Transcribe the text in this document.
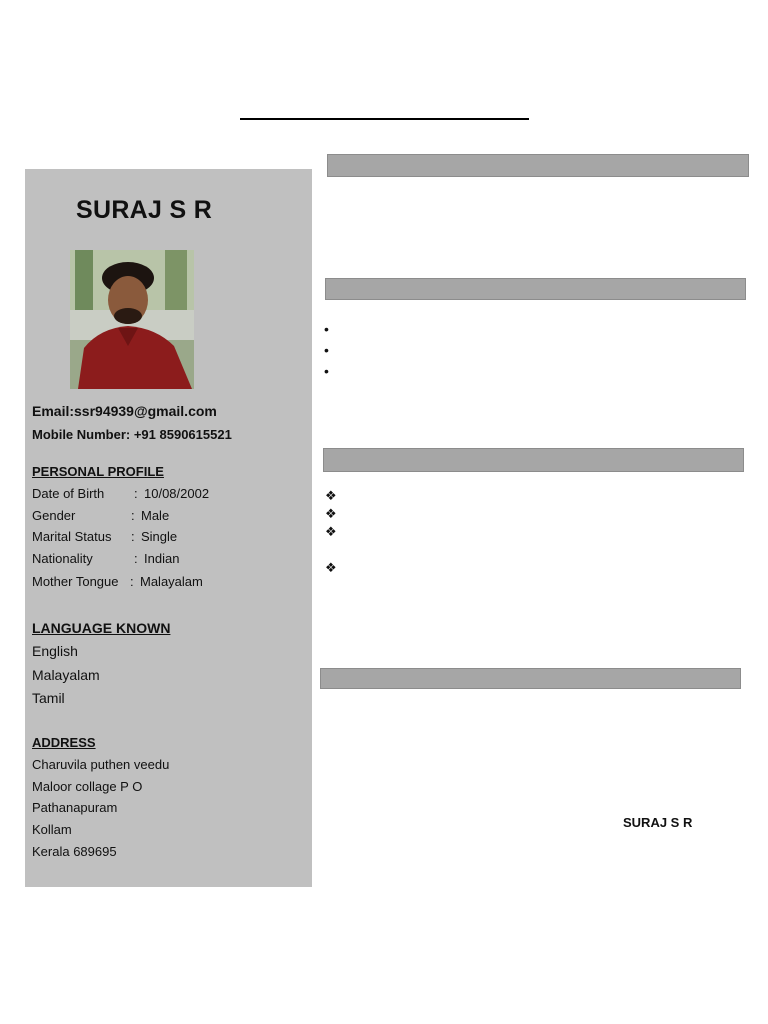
SURAJ S R
Email:ssr94939@gmail.com
Mobile Number: +91 8590615521
PERSONAL PROFILE
Date of Birth : 10/08/2002
Gender	: Male
Marital Status : Single
Nationality	: Indian
Mother Tongue : Malayalam
LANGUAGE KNOWN
English
Malayalam
Tamil
ADDRESS
Charuvila puthen veedu
Maloor collage P O
Pathanapuram
Kollam
Kerala 689695
•
•
•
❖
❖
❖
❖
SURAJ S R
